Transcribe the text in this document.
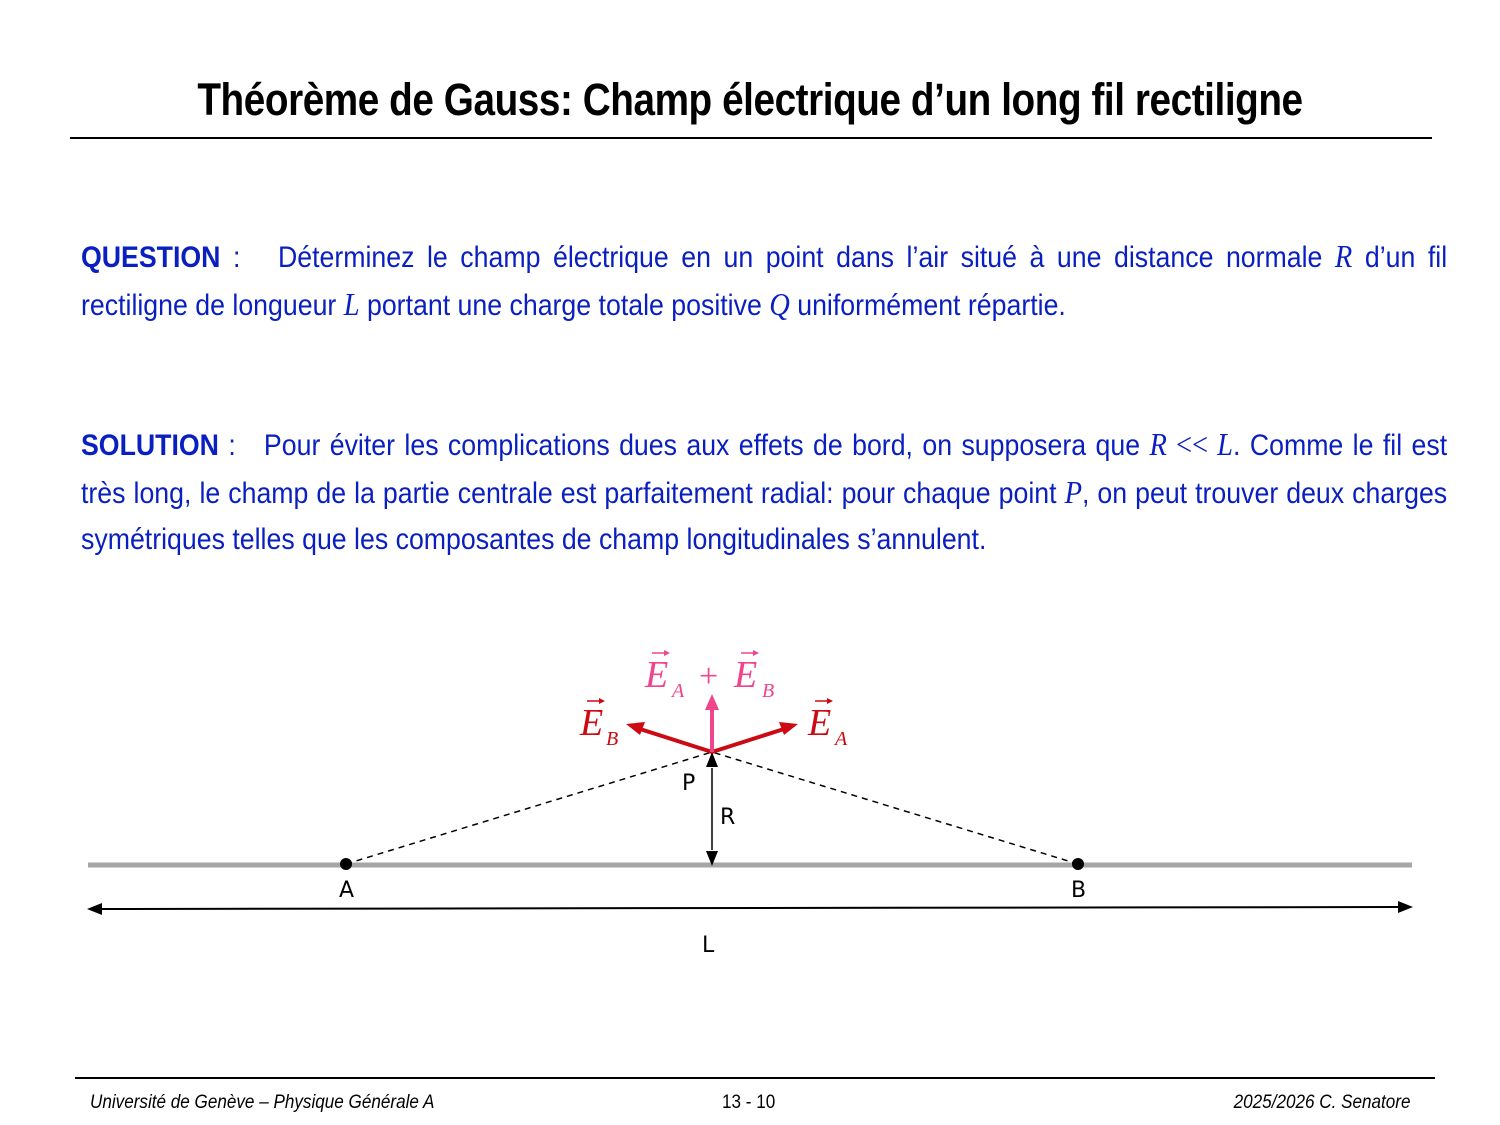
Théorème de Gauss: Champ électrique d’un long fil rectiligne
QUESTION :   Déterminez le champ électrique en un point dans l’air situé à une distance normale R d’un fil rectiligne de longueur L portant une charge totale positive Q uniformément répartie.
SOLUTION :   Pour éviter les complications dues aux effets de bord, on supposera que R << L. Comme le fil est très long, le champ de la partie centrale est parfaitement radial: pour chaque point P, on peut trouver deux charges symétriques telles que les composantes de champ longitudinales s’annulent.
P
R
A	B
L
E B	E A
E A + E B
Université de Genève – Physique Générale A	13 - 10	2025/2026 C. Senatore
